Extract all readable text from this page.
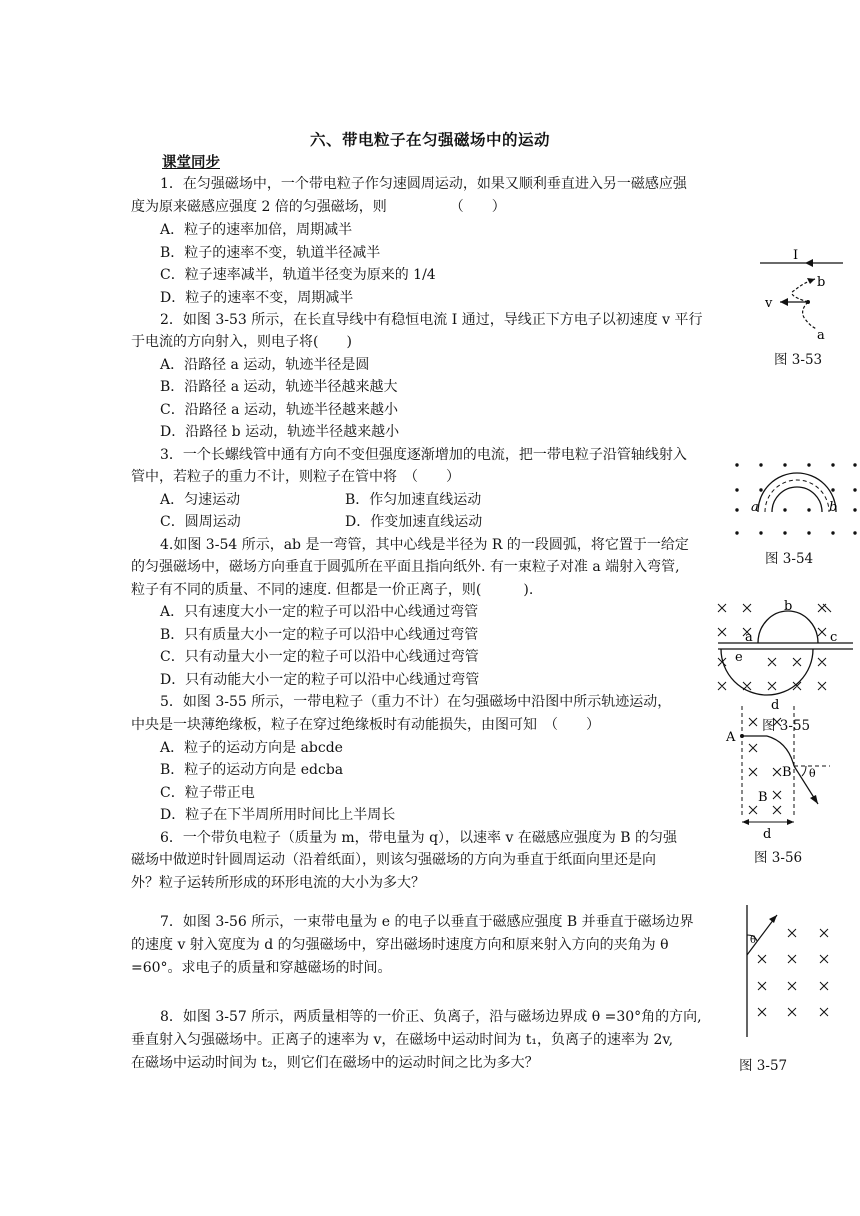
六、带电粒子在匀强磁场中的运动
课堂同步
1．在匀强磁场中，一个带电粒子作匀速圆周运动，如果又顺利垂直进入另一磁感应强
度为原来磁感应强度 2 倍的匀强磁场，则　　　　　（　　）
A．粒子的速率加倍，周期减半
B．粒子的速率不变，轨道半径减半
C．粒子速率减半，轨道半径变为原来的 1/4
D．粒子的速率不变，周期减半
2．如图 3-53 所示，在长直导线中有稳恒电流 I 通过，导线正下方电子以初速度 v 平行
于电流的方向射入，则电子将(　　)
A．沿路径 a 运动，轨迹半径是圆
B．沿路径 a 运动，轨迹半径越来越大
C．沿路径 a 运动，轨迹半径越来越小
D．沿路径 b 运动，轨迹半径越来越小
3．一个长螺线管中通有方向不变但强度逐渐增加的电流，把一带电粒子沿管轴线射入
管中，若粒子的重力不计，则粒子在管中将　（　　）
A．匀速运动	B．作匀加速直线运动
C．圆周运动	D．作变加速直线运动
4.如图 3-54 所示，ab 是一弯管，其中心线是半径为 R 的一段圆弧，将它置于一给定
的匀强磁场中，磁场方向垂直于圆弧所在平面且指向纸外. 有一束粒子对准 a 端射入弯管,
粒子有不同的质量、不同的速度. 但都是一价正离子，则(　　　).
A．只有速度大小一定的粒子可以沿中心线通过弯管
B．只有质量大小一定的粒子可以沿中心线通过弯管
C．只有动量大小一定的粒子可以沿中心线通过弯管
D．只有动能大小一定的粒子可以沿中心线通过弯管
5．如图 3-55 所示，一带电粒子（重力不计）在匀强磁场中沿图中所示轨迹运动，
中央是一块薄绝缘板，粒子在穿过绝缘板时有动能损失，由图可知　（　　）
A．粒子的运动方向是 abcde
B．粒子的运动方向是 edcba
C．粒子带正电
D．粒子在下半周所用时间比上半周长
6．一个带负电粒子（质量为 m，带电量为 q），以速率 v 在磁感应强度为 B 的匀强
磁场中做逆时针圆周运动（沿着纸面），则该匀强磁场的方向为垂直于纸面向里还是向
外？粒子运转所形成的环形电流的大小为多大？
7．如图 3-56 所示，一束带电量为 e 的电子以垂直于磁感应强度 B 并垂直于磁场边界
的速度 v 射入宽度为 d 的匀强磁场中，穿出磁场时速度方向和原来射入方向的夹角为 θ
=60°。求电子的质量和穿越磁场的时间。
8．如图 3-57 所示，两质量相等的一价正、负离子，沿与磁场边界成 θ =30°角的方向,
垂直射入匀强磁场中。正离子的速率为 v，在磁场中运动时间为 t₁，负离子的速率为 2v,
在磁场中运动时间为 t₂，则它们在磁场中的运动时间之比为多大？
I
v
b
a
图 3-53
a	b
图 3-54
a
b
c
e
d
图 3-55
A
B θ
B
d
图 3-56
θ
图 3-57
